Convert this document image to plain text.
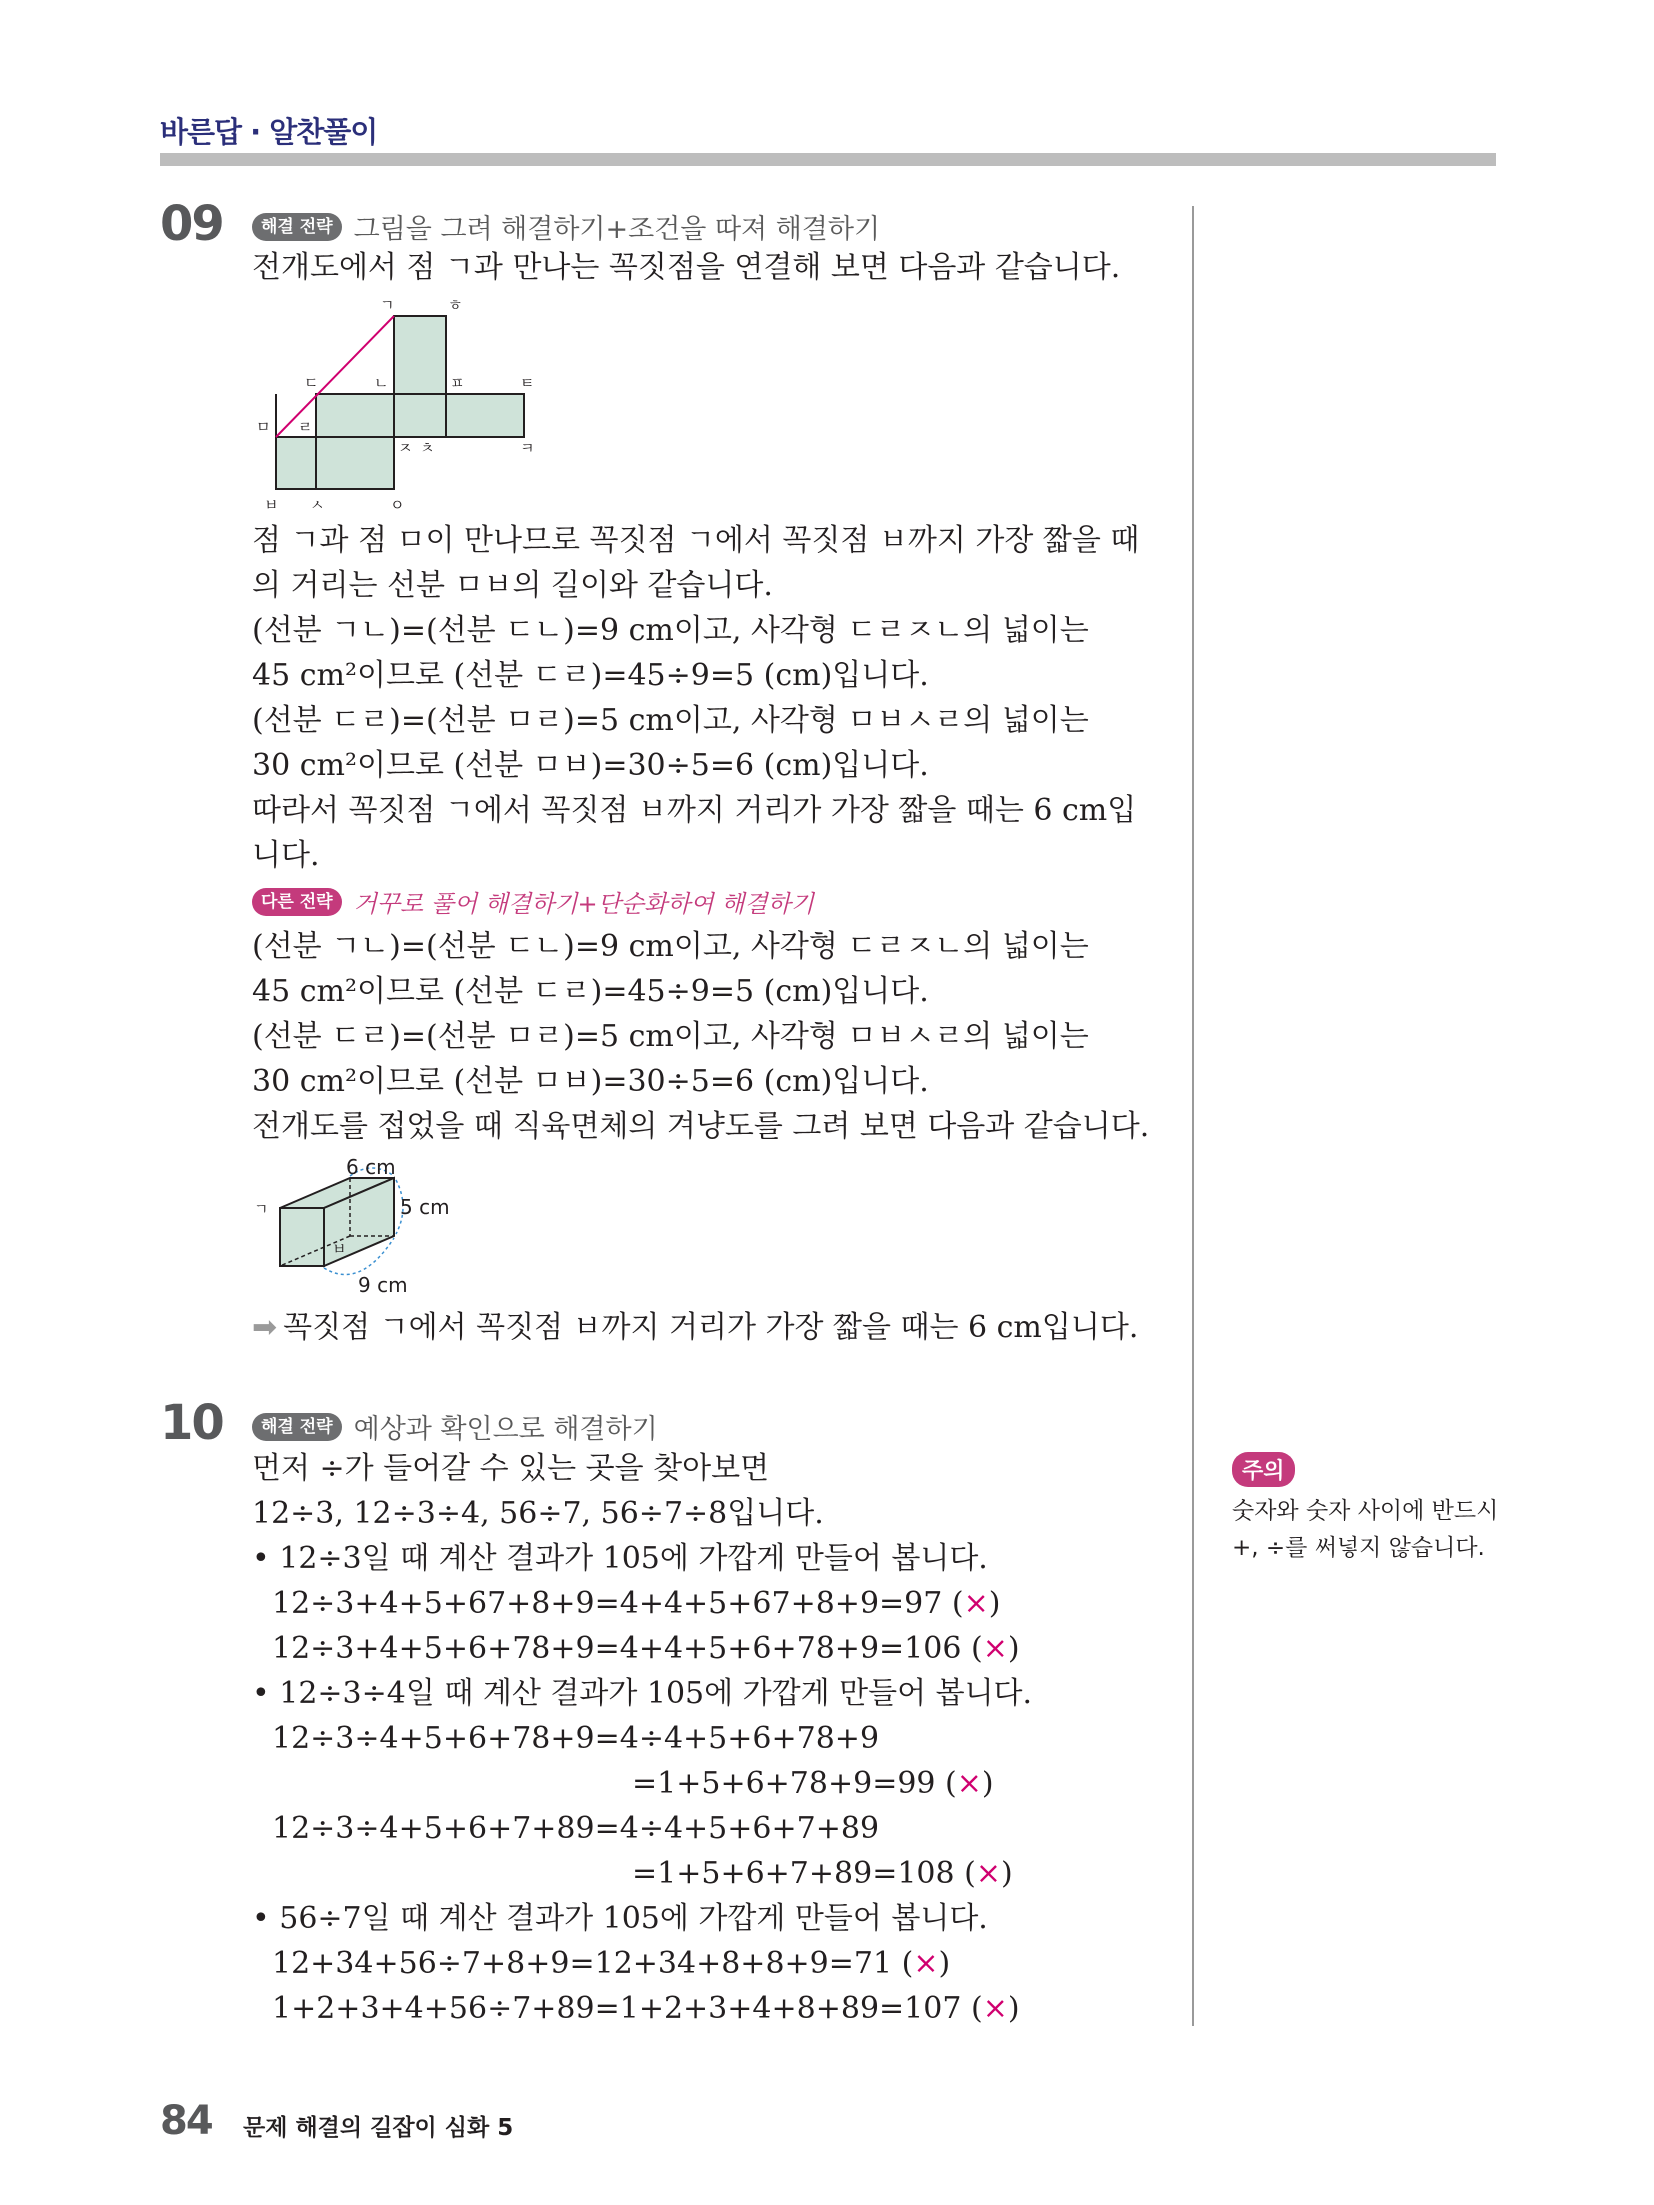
바른답 · 알찬풀이
09	해결 전략 그림을 그려 해결하기+조건을 따져 해결하기
전개도에서 점 ㄱ과 만나는 꼭짓점을 연결해 보면 다음과 같습니다.
ㄱ	ㅎ
ㄷ	ㄴ	ㅍ	ㅌ
ㅁ ㄹ
ㅈ ㅊ	ㅋ
ㅂ ㅅ	ㅇ
점 ㄱ과 점 ㅁ이 만나므로 꼭짓점 ㄱ에서 꼭짓점 ㅂ까지 가장 짧을 때
의 거리는 선분 ㅁㅂ의 길이와 같습니다.
(선분 ㄱㄴ)=(선분 ㄷㄴ)=9 cm이고, 사각형 ㄷㄹㅈㄴ의 넓이는
45 cm²이므로 (선분 ㄷㄹ)=45÷9=5 (cm)입니다.
(선분 ㄷㄹ)=(선분 ㅁㄹ)=5 cm이고, 사각형 ㅁㅂㅅㄹ의 넓이는
30 cm²이므로 (선분 ㅁㅂ)=30÷5=6 (cm)입니다.
따라서 꼭짓점 ㄱ에서 꼭짓점 ㅂ까지 거리가 가장 짧을 때는 6 cm입
니다.
다른 전략 거꾸로 풀어 해결하기+단순화하여 해결하기
(선분 ㄱㄴ)=(선분 ㄷㄴ)=9 cm이고, 사각형 ㄷㄹㅈㄴ의 넓이는
45 cm²이므로 (선분 ㄷㄹ)=45÷9=5 (cm)입니다.
(선분 ㄷㄹ)=(선분 ㅁㄹ)=5 cm이고, 사각형 ㅁㅂㅅㄹ의 넓이는
30 cm²이므로 (선분 ㅁㅂ)=30÷5=6 (cm)입니다.
전개도를 접었을 때 직육면체의 겨냥도를 그려 보면 다음과 같습니다.
6 cm
5 cm
9 cm
ㄱ
ㅂ
➡ 꼭짓점 ㄱ에서 꼭짓점 ㅂ까지 거리가 가장 짧을 때는 6 cm입니다.
10	해결 전략 예상과 확인으로 해결하기
먼저 ÷가 들어갈 수 있는 곳을 찾아보면
12÷3, 12÷3÷4, 56÷7, 56÷7÷8입니다.
• 12÷3일 때 계산 결과가 105에 가깝게 만들어 봅니다.
12÷3+4+5+67+8+9=4+4+5+67+8+9=97 (×)
12÷3+4+5+6+78+9=4+4+5+6+78+9=106 (×)
• 12÷3÷4일 때 계산 결과가 105에 가깝게 만들어 봅니다.
12÷3÷4+5+6+78+9=4÷4+5+6+78+9
=1+5+6+78+9=99 (×)
12÷3÷4+5+6+7+89=4÷4+5+6+7+89
=1+5+6+7+89=108 (×)
• 56÷7일 때 계산 결과가 105에 가깝게 만들어 봅니다.
12+34+56÷7+8+9=12+34+8+8+9=71 (×)
1+2+3+4+56÷7+89=1+2+3+4+8+89=107 (×)
주의
숫자와 숫자 사이에 반드시 +, ÷를 써넣지 않습니다.
84 문제 해결의 길잡이 심화 5
